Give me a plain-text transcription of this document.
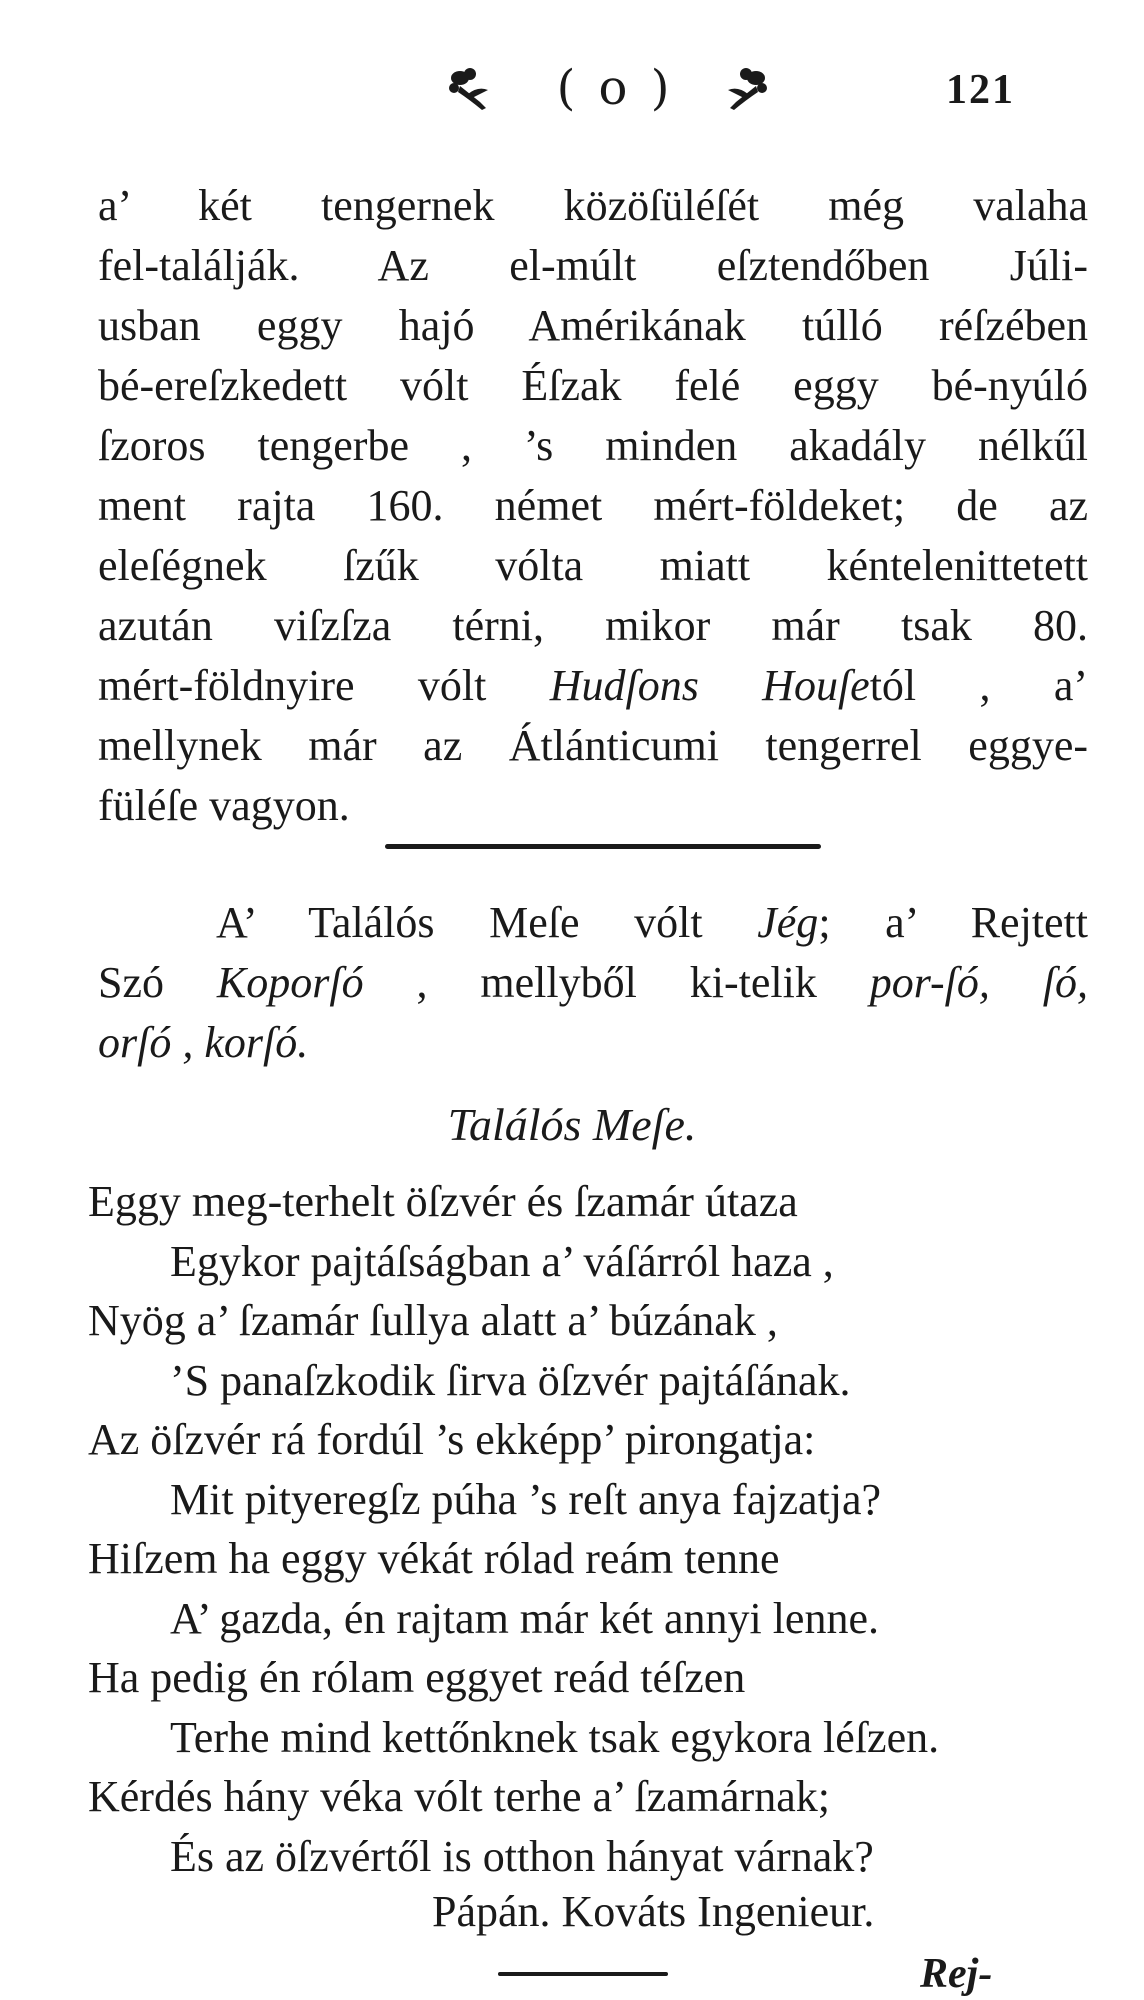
( o )	121
a’ két tengernek közöſüléſét még valaha
fel-találják. Az el-múlt eſztendőben Júli-
usban eggy hajó Amérikának túlló réſzében
bé-ereſzkedett vólt Éſzak felé eggy bé-nyúló
ſzoros tengerbe , ’s minden akadály nélkűl
ment rajta 160. német mért-földeket; de az
eleſégnek ſzűk vólta miatt kéntelenittetett
azután viſzſza térni, mikor már tsak 80.
mért-földnyire vólt Hudſons Houſetól , a’
mellynek már az Átlánticumi tengerrel eggye-
füléſe vagyon.
A’ Találós Meſe vólt Jég; a’ Rejtett
Szó Koporſó , mellyből ki-telik por-ſó, ſó,
orſó , korſó.
Találós Meſe.
Eggy meg-terhelt öſzvér és ſzamár útaza
Egykor pajtáſságban a’ váſárról haza ,
Nyög a’ ſzamár ſullya alatt a’ búzának ,
’S panaſzkodik ſirva öſzvér pajtáſának.
Az öſzvér rá fordúl ’s ekképp’ pirongatja:
Mit pityeregſz púha ’s reſt anya fajzatja?
Hiſzem ha eggy vékát rólad reám tenne
A’ gazda, én rajtam már két annyi lenne.
Ha pedig én rólam eggyet reád téſzen
Terhe mind kettőnknek tsak egykora léſzen.
Kérdés hány véka vólt terhe a’ ſzamárnak;
És az öſzvértől is otthon hányat várnak?
Pápán. Kováts Ingenieur.
Rej-
